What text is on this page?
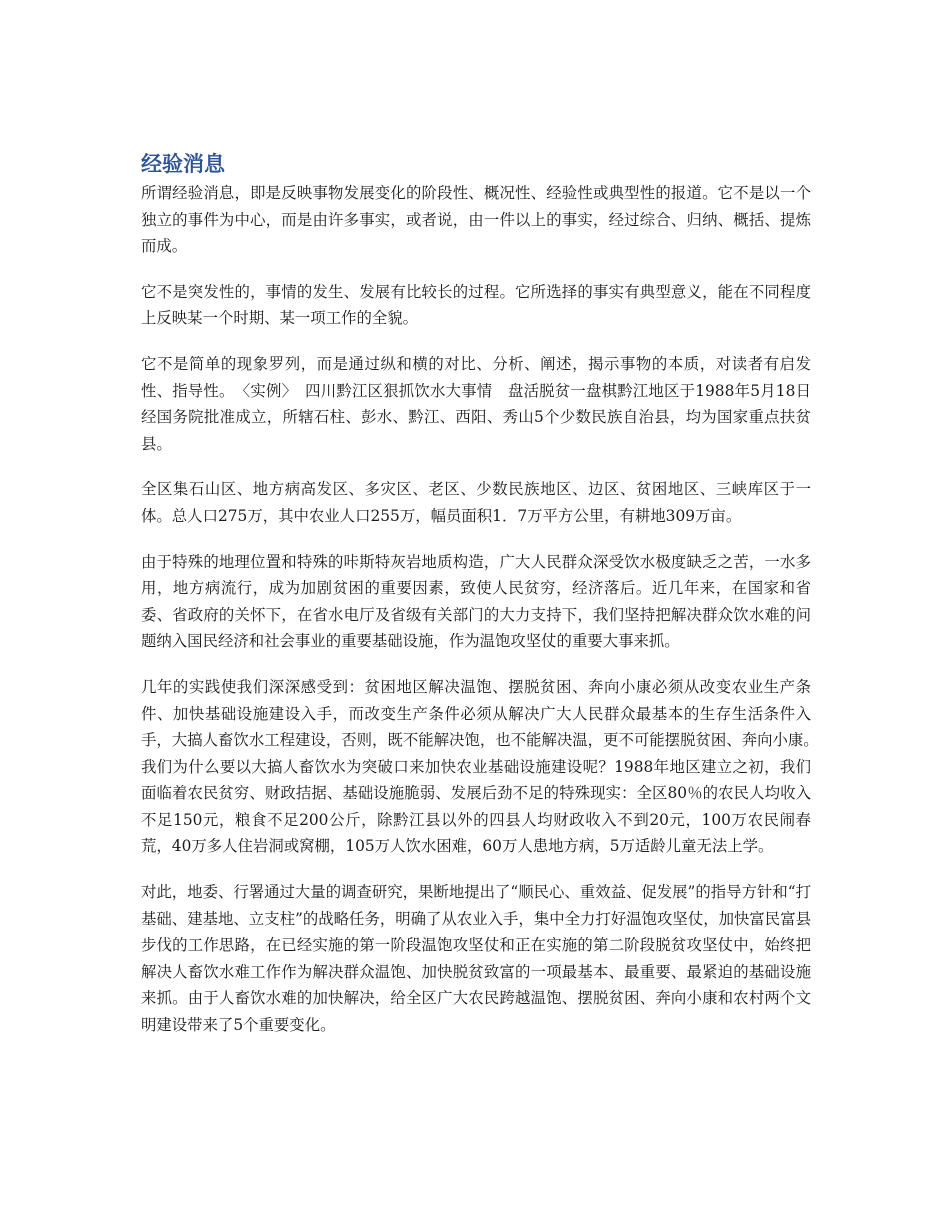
经验消息

所谓经验消息，即是反映事物发展变化的阶段性、概况性、经验性或典型性的报道。它不是以一个独立的事件为中心，而是由许多事实，或者说，由一件以上的事实，经过综合、归纳、概括、提炼而成。

它不是突发性的，事情的发生、发展有比较长的过程。它所选择的事实有典型意义，能在不同程度上反映某一个时期、某一项工作的全貌。

它不是简单的现象罗列，而是通过纵和横的对比、分析、阐述，揭示事物的本质，对读者有启发性、指导性。　〈实例〉　四川黔江区狠抓饮水大事情　盘活脱贫一盘棋黔江地区于1988年5月18日经国务院批准成立，所辖石柱、彭水、黔江、西阳、秀山5个少数民族自治县，均为国家重点扶贫县。

全区集石山区、地方病高发区、多灾区、老区、少数民族地区、边区、贫困地区、三峡库区于一体。总人口275万，其中农业人口255万，幅员面积1．7万平方公里，有耕地309万亩。

由于特殊的地理位置和特殊的咔斯特灰岩地质构造，广大人民群众深受饮水极度缺乏之苦，一水多用，地方病流行，成为加剧贫困的重要因素，致使人民贫穷，经济落后。近几年来，在国家和省委、省政府的关怀下，在省水电厅及省级有关部门的大力支持下，我们坚持把解决群众饮水难的问题纳入国民经济和社会事业的重要基础设施，作为温饱攻坚仗的重要大事来抓。

几年的实践使我们深深感受到：贫困地区解决温饱、摆脱贫困、奔向小康必须从改变农业生产条件、加快基础设施建设入手，而改变生产条件必须从解决广大人民群众最基本的生存生活条件入手，大搞人畜饮水工程建设，否则，既不能解决饱，也不能解决温，更不可能摆脱贫困、奔向小康。　我们为什么要以大搞人畜饮水为突破口来加快农业基础设施建设呢？1988年地区建立之初，我们面临着农民贫穷、财政拮据、基础设施脆弱、发展后劲不足的特殊现实：全区80％的农民人均收入不足150元，粮食不足200公斤，除黔江县以外的四县人均财政收入不到20元，100万农民闹春荒，40万多人住岩洞或窝棚，105万人饮水困难，60万人患地方病，5万适龄儿童无法上学。

对此，地委、行署通过大量的调查研究，果断地提出了“顺民心、重效益、促发展”的指导方针和“打基础、建基地、立支柱”的战略任务，明确了从农业入手，集中全力打好温饱攻坚仗，加快富民富县步伐的工作思路，在已经实施的第一阶段温饱攻坚仗和正在实施的第二阶段脱贫攻坚仗中，始终把解决人畜饮水难工作作为解决群众温饱、加快脱贫致富的一项最基本、最重要、最紧迫的基础设施来抓。由于人畜饮水难的加快解决，给全区广大农民跨越温饱、摆脱贫困、奔向小康和农村两个文明建设带来了5个重要变化。
